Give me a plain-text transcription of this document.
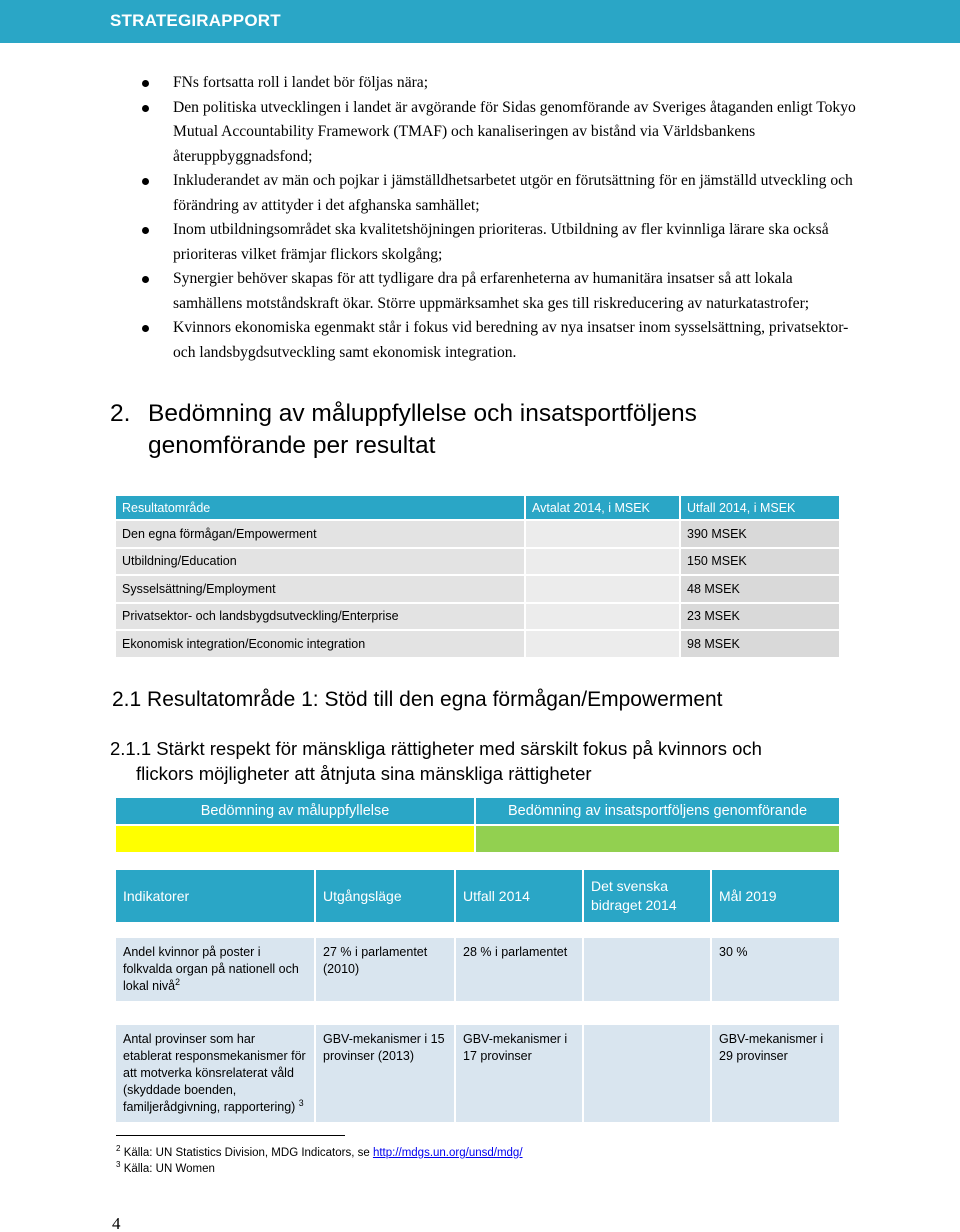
STRATEGIRAPPORT
FNs fortsatta roll i landet bör följas nära;
Den politiska utvecklingen i landet är avgörande för Sidas genomförande av Sveriges åtaganden enligt Tokyo Mutual Accountability Framework (TMAF) och kanaliseringen av bistånd via Världsbankens återuppbyggnadsfond;
Inkluderandet av män och pojkar i jämställdhetsarbetet utgör en förutsättning för en jämställd utveckling och förändring av attityder i det afghanska samhället;
Inom utbildningsområdet ska kvalitetshöjningen prioriteras. Utbildning av fler kvinnliga lärare ska också prioriteras vilket främjar flickors skolgång;
Synergier behöver skapas för att tydligare dra på erfarenheterna av humanitära insatser så att lokala samhällens motståndskraft ökar. Större uppmärksamhet ska ges till riskreducering av naturkatastrofer;
Kvinnors ekonomiska egenmakt står i fokus vid beredning av nya insatser inom sysselsättning, privatsektor- och landsbygdsutveckling samt ekonomisk integration.
2. Bedömning av måluppfyllelse och insatsportföljens
genomförande per resultat
Resultatområde	Avtalat 2014, i MSEK	Utfall 2014, i MSEK
Den egna förmågan/Empowerment		390 MSEK
Utbildning/Education		150 MSEK
Sysselsättning/Employment		48 MSEK
Privatsektor- och landsbygdsutveckling/Enterprise		23 MSEK
Ekonomisk integration/Economic integration		98 MSEK
2.1 Resultatområde 1: Stöd till den egna förmågan/Empowerment
2.1.1 Stärkt respekt för mänskliga rättigheter med särskilt fokus på kvinnors och
flickors möjligheter att åtnjuta sina mänskliga rättigheter
Bedömning av måluppfyllelse	Bedömning av insatsportföljens genomförande

Indikatorer	Utgångsläge	Utfall 2014	Det svenska bidraget 2014	Mål 2019

Andel kvinnor på poster i folkvalda organ på nationell och lokal nivå$^2$	27 % i parlamentet (2010)	28 % i parlamentet		30 %

Antal provinser som har etablerat responsmekanismer för att motverka könsrelaterat våld (skyddade boenden, familjerådgivning, rapportering) $^3$	GBV-mekanismer i 15 provinser (2013)	GBV-mekanismer i 17 provinser		GBV-mekanismer i 29 provinser
$^2$ Källa: UN Statistics Division, MDG Indicators, se http://mdgs.un.org/unsd/mdg/
$^3$ Källa: UN Women
4
